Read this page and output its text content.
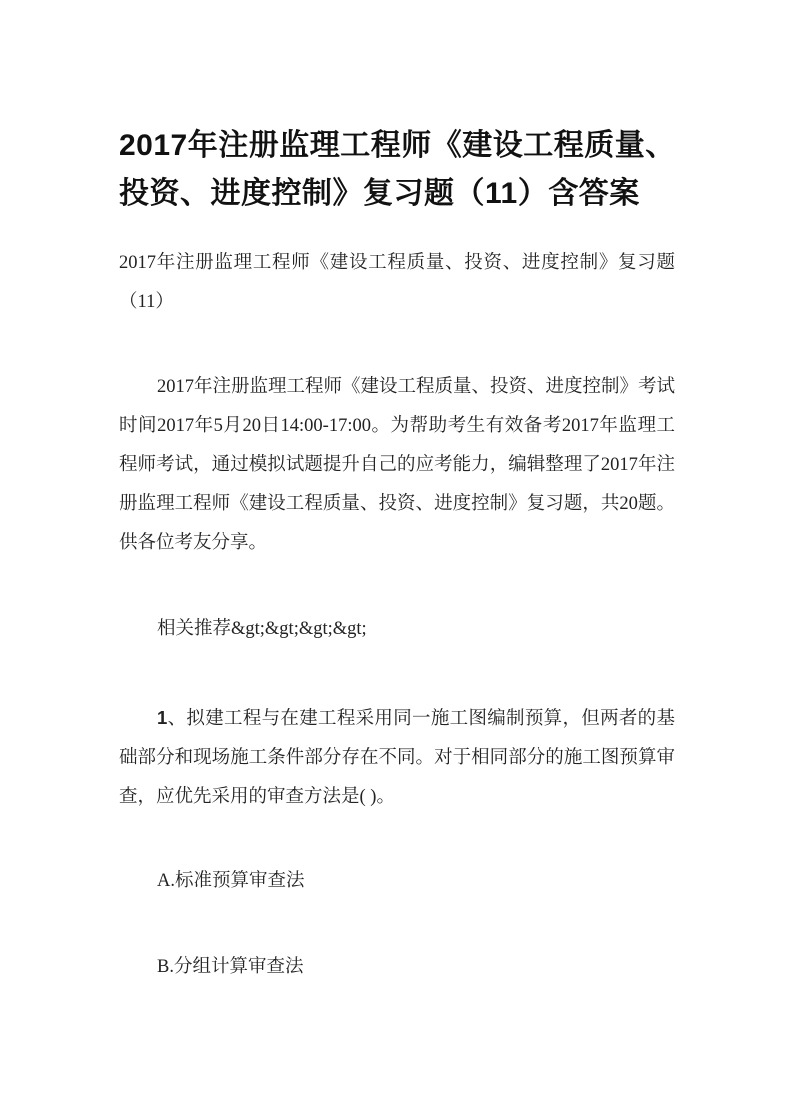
2017年注册监理工程师《建设工程质量、投资、进度控制》复习题（11）含答案

2017年注册监理工程师《建设工程质量、投资、进度控制》复习题（11）

2017年注册监理工程师《建设工程质量、投资、进度控制》考试时间2017年5月20日14:00-17:00。为帮助考生有效备考2017年监理工程师考试，通过模拟试题提升自己的应考能力，编辑整理了2017年注册监理工程师《建设工程质量、投资、进度控制》复习题，共20题。供各位考友分享。

相关推荐&gt;&gt;&gt;&gt;

1、拟建工程与在建工程采用同一施工图编制预算，但两者的基础部分和现场施工条件部分存在不同。对于相同部分的施工图预算审查，应优先采用的审查方法是( )。

A.标准预算审查法

B.分组计算审查法
